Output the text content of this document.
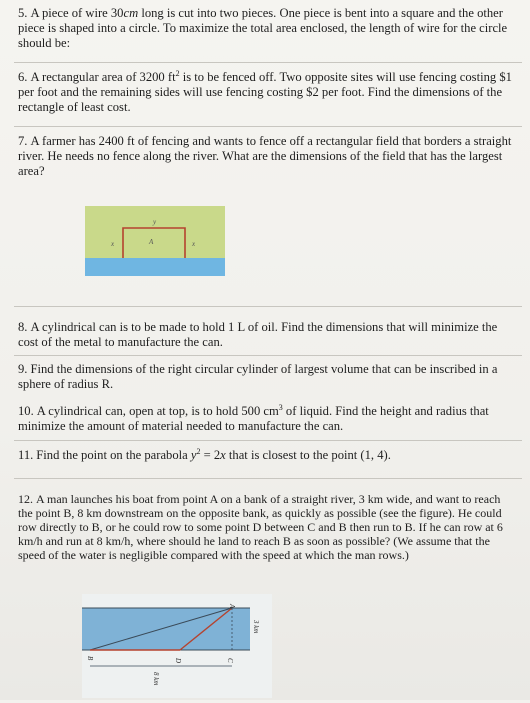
5. A piece of wire 30cm long is cut into two pieces. One piece is bent into a square and the other piece is shaped into a circle. To maximize the total area enclosed, the length of wire for the circle should be:
6. A rectangular area of 3200 $ft^2$ is to be fenced off. Two opposite sites will use fencing costing $1 per foot and the remaining sides will use fencing costing $2 per foot. Find the dimensions of the rectangle of least cost.
7. A farmer has 2400 ft of fencing and wants to fence off a rectangular field that borders a straight river. He needs no fence along the river. What are the dimensions of the field that has the largest area?
y
x	x
A
8. A cylindrical can is to be made to hold 1 L of oil. Find the dimensions that will minimize the cost of the metal to manufacture the can.
9. Find the dimensions of the right circular cylinder of largest volume that can be inscribed in a sphere of radius R.
10. A cylindrical can, open at top, is to hold 500 $cm^3$ of liquid. Find the height and radius that minimize the amount of material needed to manufacture the can.
11. Find the point on the parabola $y^2 = 2x$ that is closest to the point (1, 4).
12. A man launches his boat from point A on a bank of a straight river, 3 km wide, and want to reach the point B, 8 km downstream on the opposite bank, as quickly as possible (see the figure). He could row directly to B, or he could row to some point D between C and B then run to B. If he can row at 6 km/h and run at 8 km/h, where should he land to reach B as soon as possible? (We assume that the speed of the water is negligible compared with the speed at which the man rows.)
A
B	C
D
3 km
8 km
